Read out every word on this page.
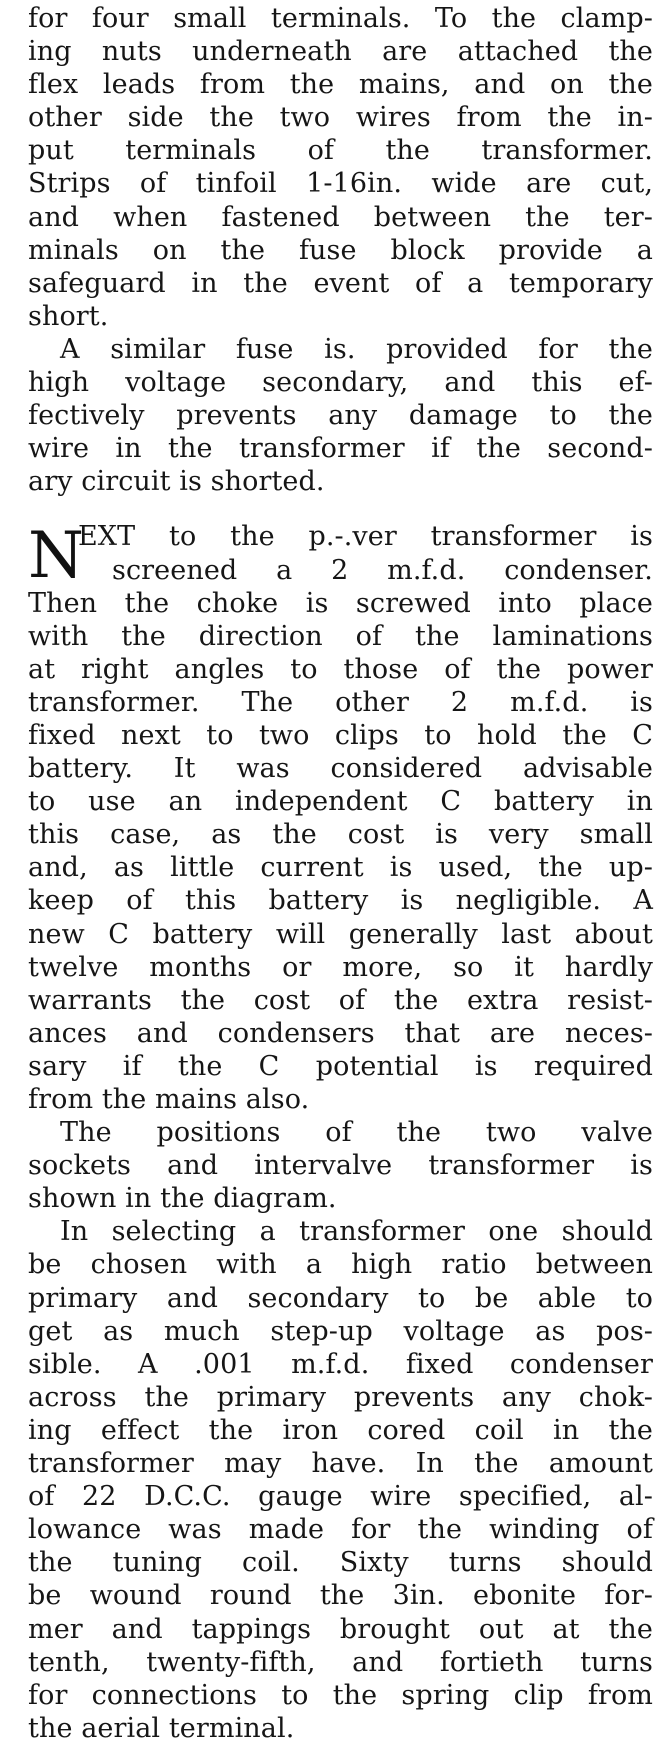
for four small terminals. To the clamp-
ing nuts underneath are attached the
flex leads from the mains, and on the
other side the two wires from the in-
put terminals of the transformer.
Strips of tinfoil 1-16in. wide are cut,
and when fastened between the ter-
minals on the fuse block provide a
safeguard in the event of a temporary
short.
A similar fuse is. provided for the
high voltage secondary, and this ef-
fectively prevents any damage to the
wire in the transformer if the second-
ary circuit is shorted.
N
EXT to the p.-.ver transformer is
screened a 2 m.f.d. condenser.
Then the choke is screwed into place
with the direction of the laminations
at right angles to those of the power
transformer. The other 2 m.f.d. is
fixed next to two clips to hold the C
battery. It was considered advisable
to use an independent C battery in
this case, as the cost is very small
and, as little current is used, the up-
keep of this battery is negligible. A
new C battery will generally last about
twelve months or more, so it hardly
warrants the cost of the extra resist-
ances and condensers that are neces-
sary if the C potential is required
from the mains also.
The positions of the two valve
sockets and intervalve transformer is
shown in the diagram.
In selecting a transformer one should
be chosen with a high ratio between
primary and secondary to be able to
get as much step-up voltage as pos-
sible. A .001 m.f.d. fixed condenser
across the primary prevents any chok-
ing effect the iron cored coil in the
transformer may have. In the amount
of 22 D.C.C. gauge wire specified, al-
lowance was made for the winding of
the tuning coil. Sixty turns should
be wound round the 3in. ebonite for-
mer and tappings brought out at the
tenth, twenty-fifth, and fortieth turns
for connections to the spring clip from
the aerial terminal.
